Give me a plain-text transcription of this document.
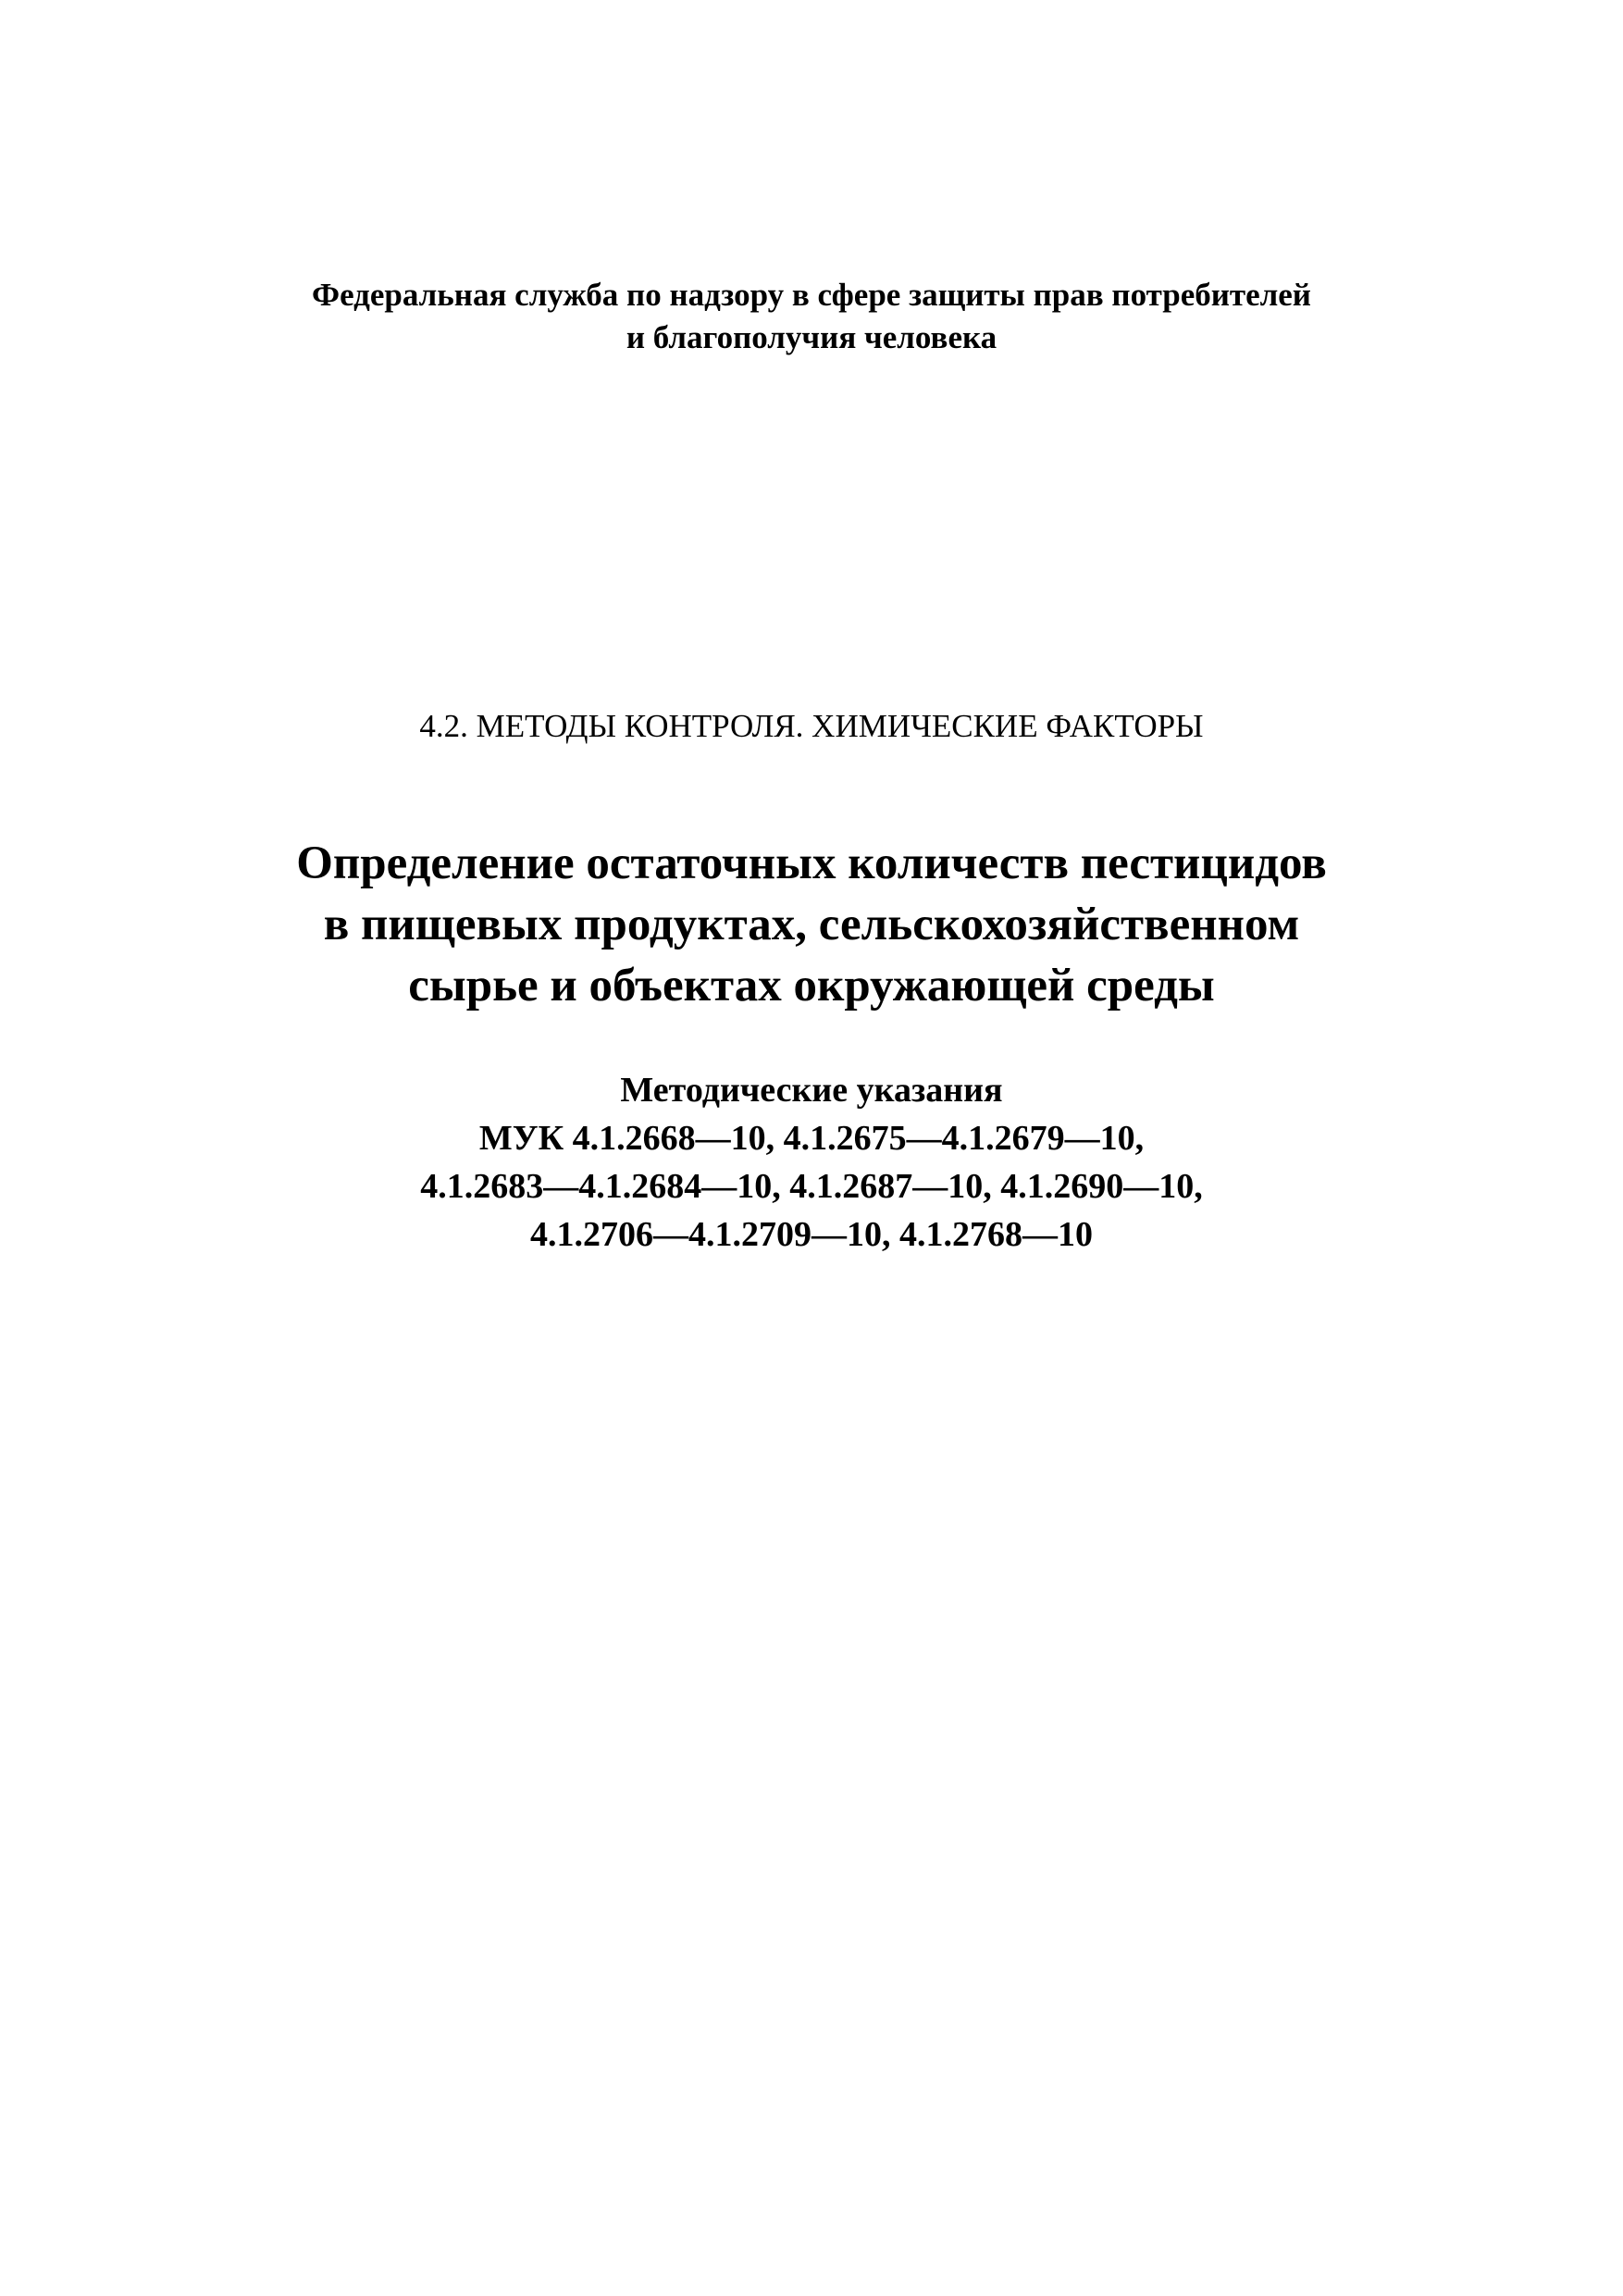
Федеральная служба по надзору в сфере защиты прав потребителей
и благополучия человека
4.2. МЕТОДЫ КОНТРОЛЯ. ХИМИЧЕСКИЕ ФАКТОРЫ
Определение остаточных количеств пестицидов
в пищевых продуктах, сельскохозяйственном
сырье и объектах окружающей среды
Методические указания
МУК 4.1.2668—10, 4.1.2675—4.1.2679—10,
4.1.2683—4.1.2684—10, 4.1.2687—10, 4.1.2690—10,
4.1.2706—4.1.2709—10, 4.1.2768—10
